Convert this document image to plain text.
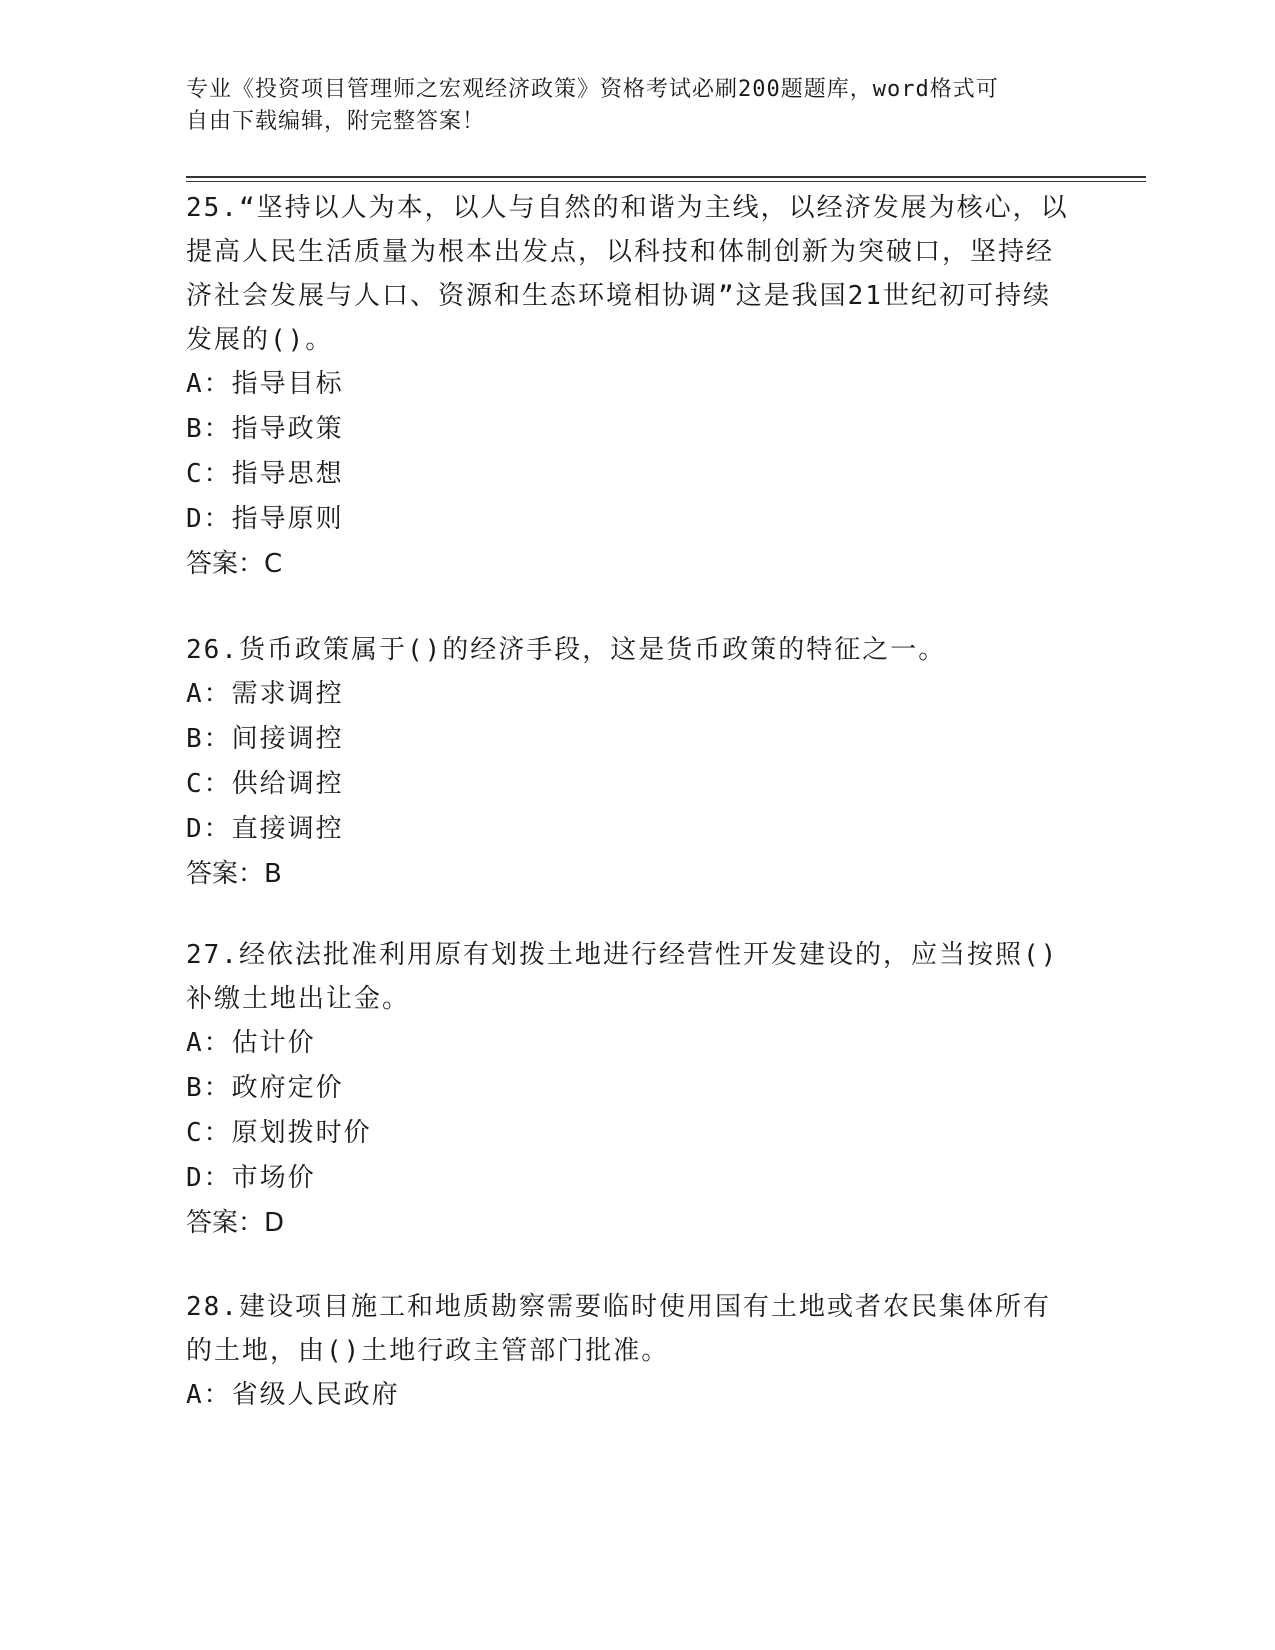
专业《投资项目管理师之宏观经济政策》资格考试必刷200题题库，word格式可
自由下载编辑，附完整答案！

25.“坚持以人为本，以人与自然的和谐为主线，以经济发展为核心，以提高人民生活质量为根本出发点，以科技和体制创新为突破口，坚持经济社会发展与人口、资源和生态环境相协调”这是我国21世纪初可持续发展的()。

A：指导目标

B：指导政策

C：指导思想

D：指导原则

答案：C

26.货币政策属于()的经济手段，这是货币政策的特征之一。

A：需求调控

B：间接调控

C：供给调控

D：直接调控

答案：B

27.经依法批准利用原有划拨土地进行经营性开发建设的，应当按照()补缴土地出让金。

A：估计价

B：政府定价

C：原划拨时价

D：市场价

答案：D

28.建设项目施工和地质勘察需要临时使用国有土地或者农民集体所有的土地，由()土地行政主管部门批准。

A：省级人民政府
